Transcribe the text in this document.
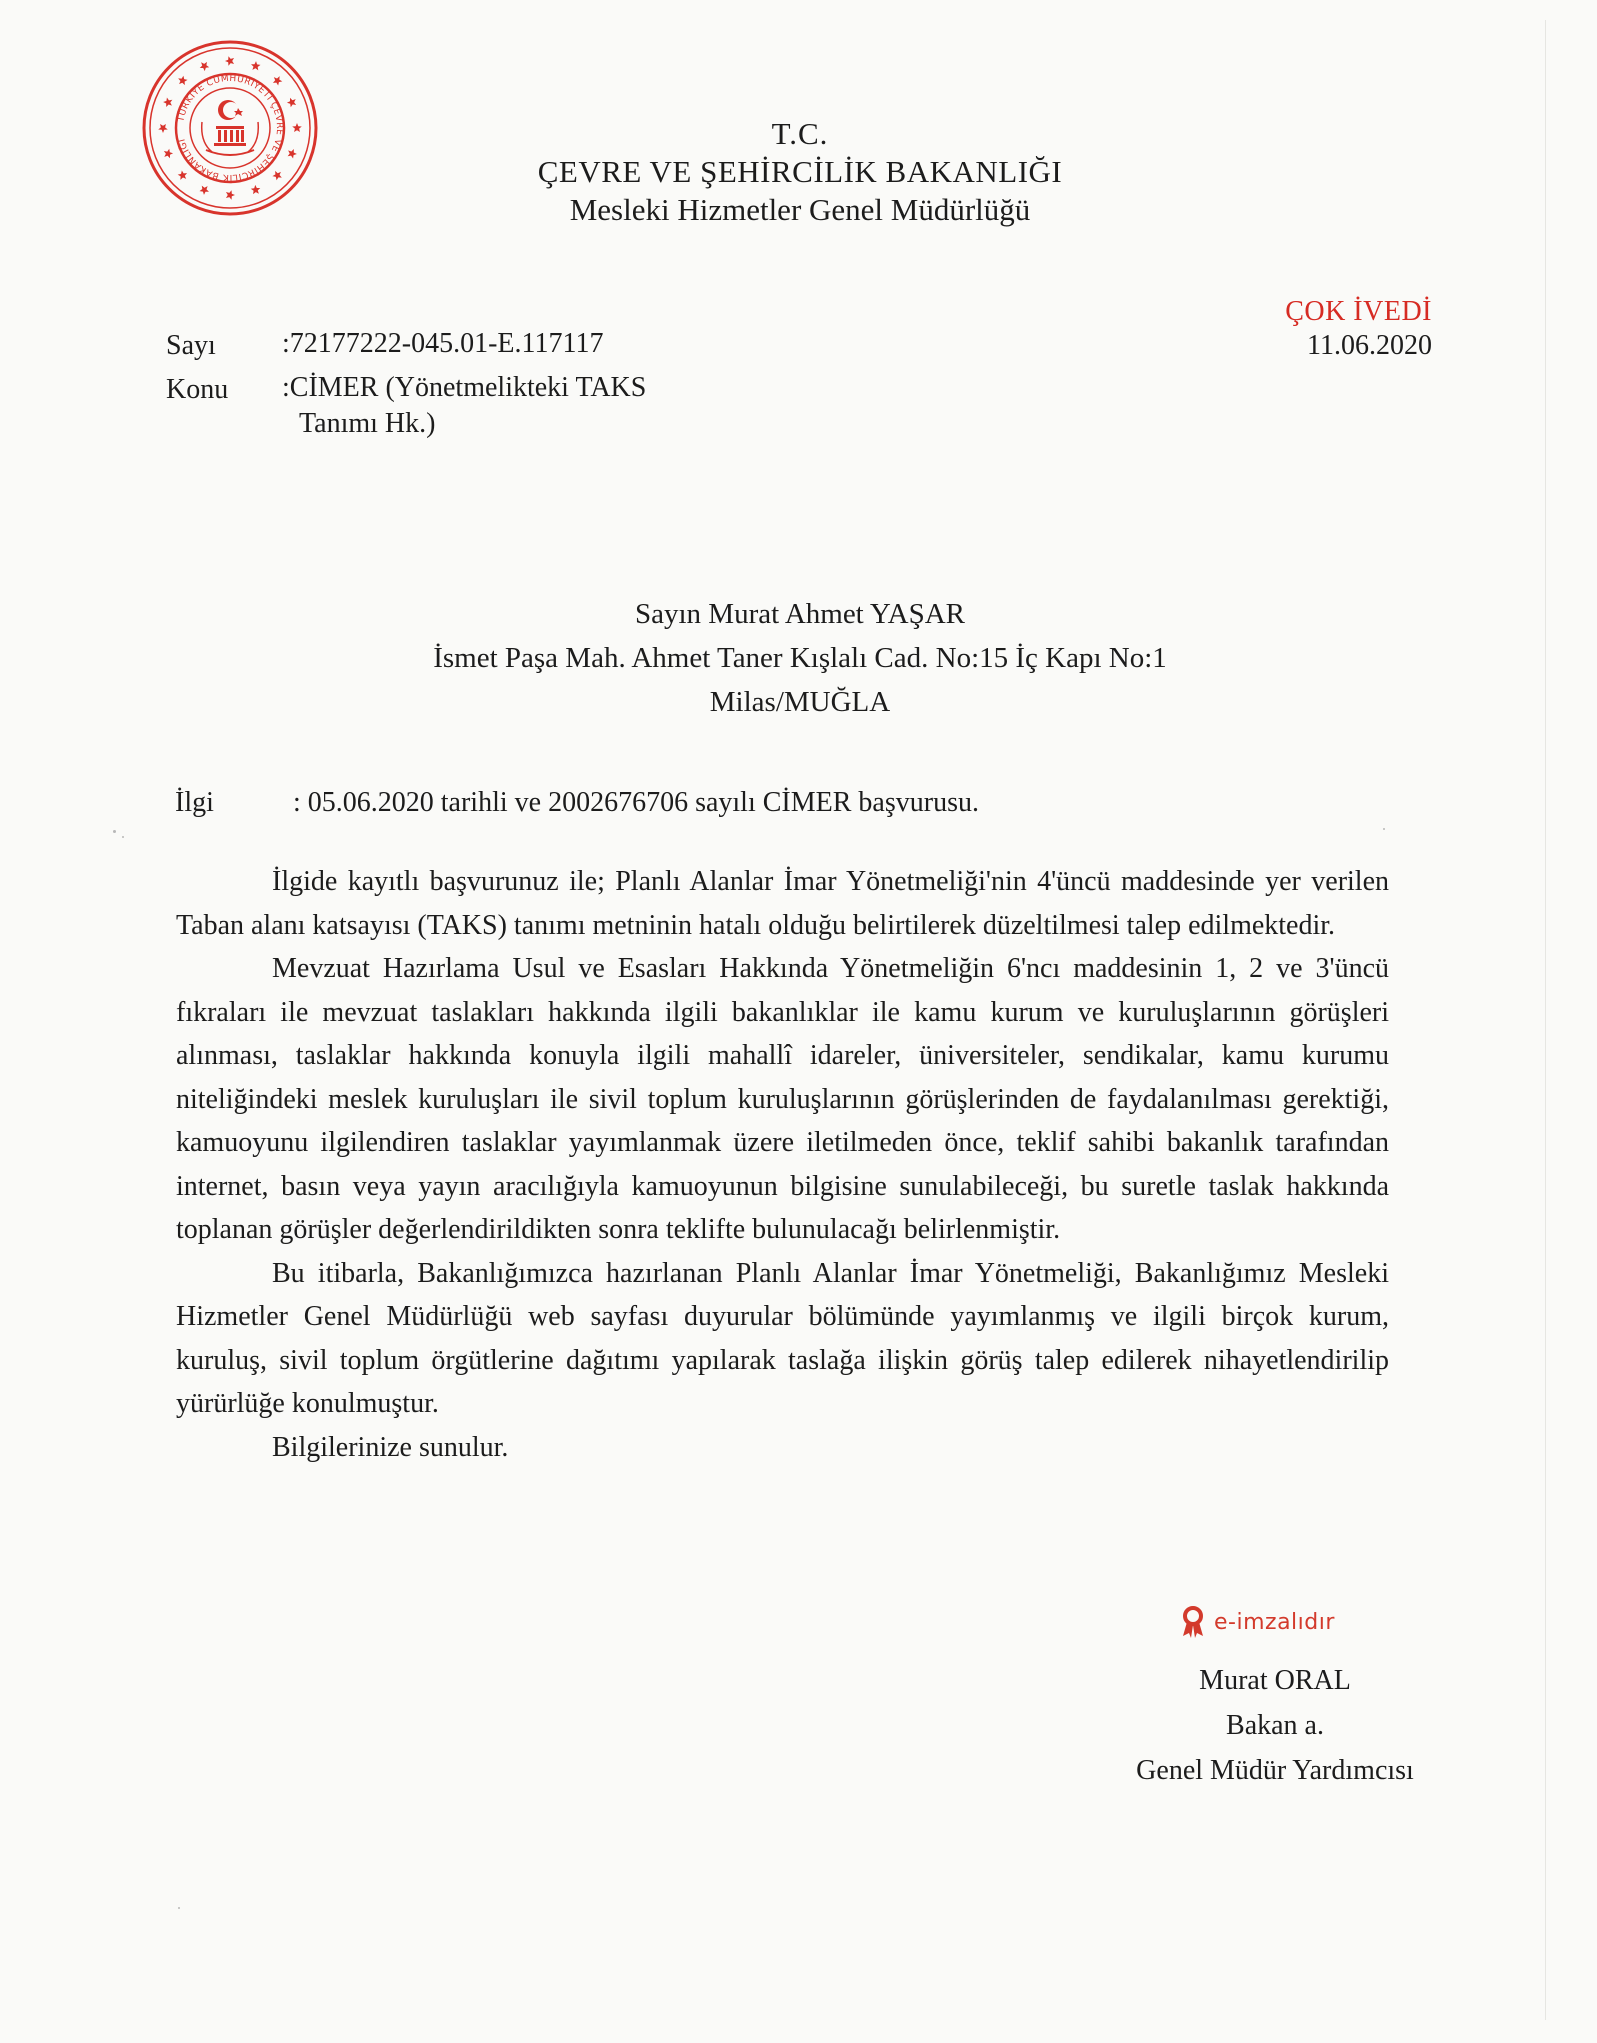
TÜRKİYE CUMHURİYETİ ÇEVRE VE ŞEHİRCİLİK BAKANLIĞI	T.C.
ÇEVRE VE ŞEHİRCİLİK BAKANLIĞI
Mesleki Hizmetler Genel Müdürlüğü
ÇOK İVEDİ
11.06.2020
Sayı :72177222-045.01-E.117117
Konu :CİMER (Yönetmelikteki TAKS
Tanımı Hk.)
Sayın Murat Ahmet YAŞAR
İsmet Paşa Mah. Ahmet Taner Kışlalı Cad. No:15 İç Kapı No:1
Milas/MUĞLA
İlgi	: 05.06.2020 tarihli ve 2002676706 sayılı CİMER başvurusu.

İlgide kayıtlı başvurunuz ile; Planlı Alanlar İmar Yönetmeliği'nin 4'üncü maddesinde yer verilen Taban alanı katsayısı (TAKS) tanımı metninin hatalı olduğu belirtilerek düzeltilmesi talep edilmektedir.

Mevzuat Hazırlama Usul ve Esasları Hakkında Yönetmeliğin 6'ncı maddesinin 1, 2 ve 3'üncü fıkraları ile mevzuat taslakları hakkında ilgili bakanlıklar ile kamu kurum ve kuruluşlarının görüşleri alınması, taslaklar hakkında konuyla ilgili mahallî idareler, üniversiteler, sendikalar, kamu kurumu niteliğindeki meslek kuruluşları ile sivil toplum kuruluşlarının görüşlerinden de faydalanılması gerektiği, kamuoyunu ilgilendiren taslaklar yayımlanmak üzere iletilmeden önce, teklif sahibi bakanlık tarafından internet, basın veya yayın aracılığıyla kamuoyunun bilgisine sunulabileceği, bu suretle taslak hakkında toplanan görüşler değerlendirildikten sonra teklifte bulunulacağı belirlenmiştir.

Bu itibarla, Bakanlığımızca hazırlanan Planlı Alanlar İmar Yönetmeliği, Bakanlığımız Mesleki Hizmetler Genel Müdürlüğü web sayfası duyurular bölümünde yayımlanmış ve ilgili birçok kurum, kuruluş, sivil toplum örgütlerine dağıtımı yapılarak taslağa ilişkin görüş talep edilerek nihayetlendirilip yürürlüğe konulmuştur.

Bilgilerinize sunulur.

e-imzalıdır
Murat ORAL
Bakan a.
Genel Müdür Yardımcısı
